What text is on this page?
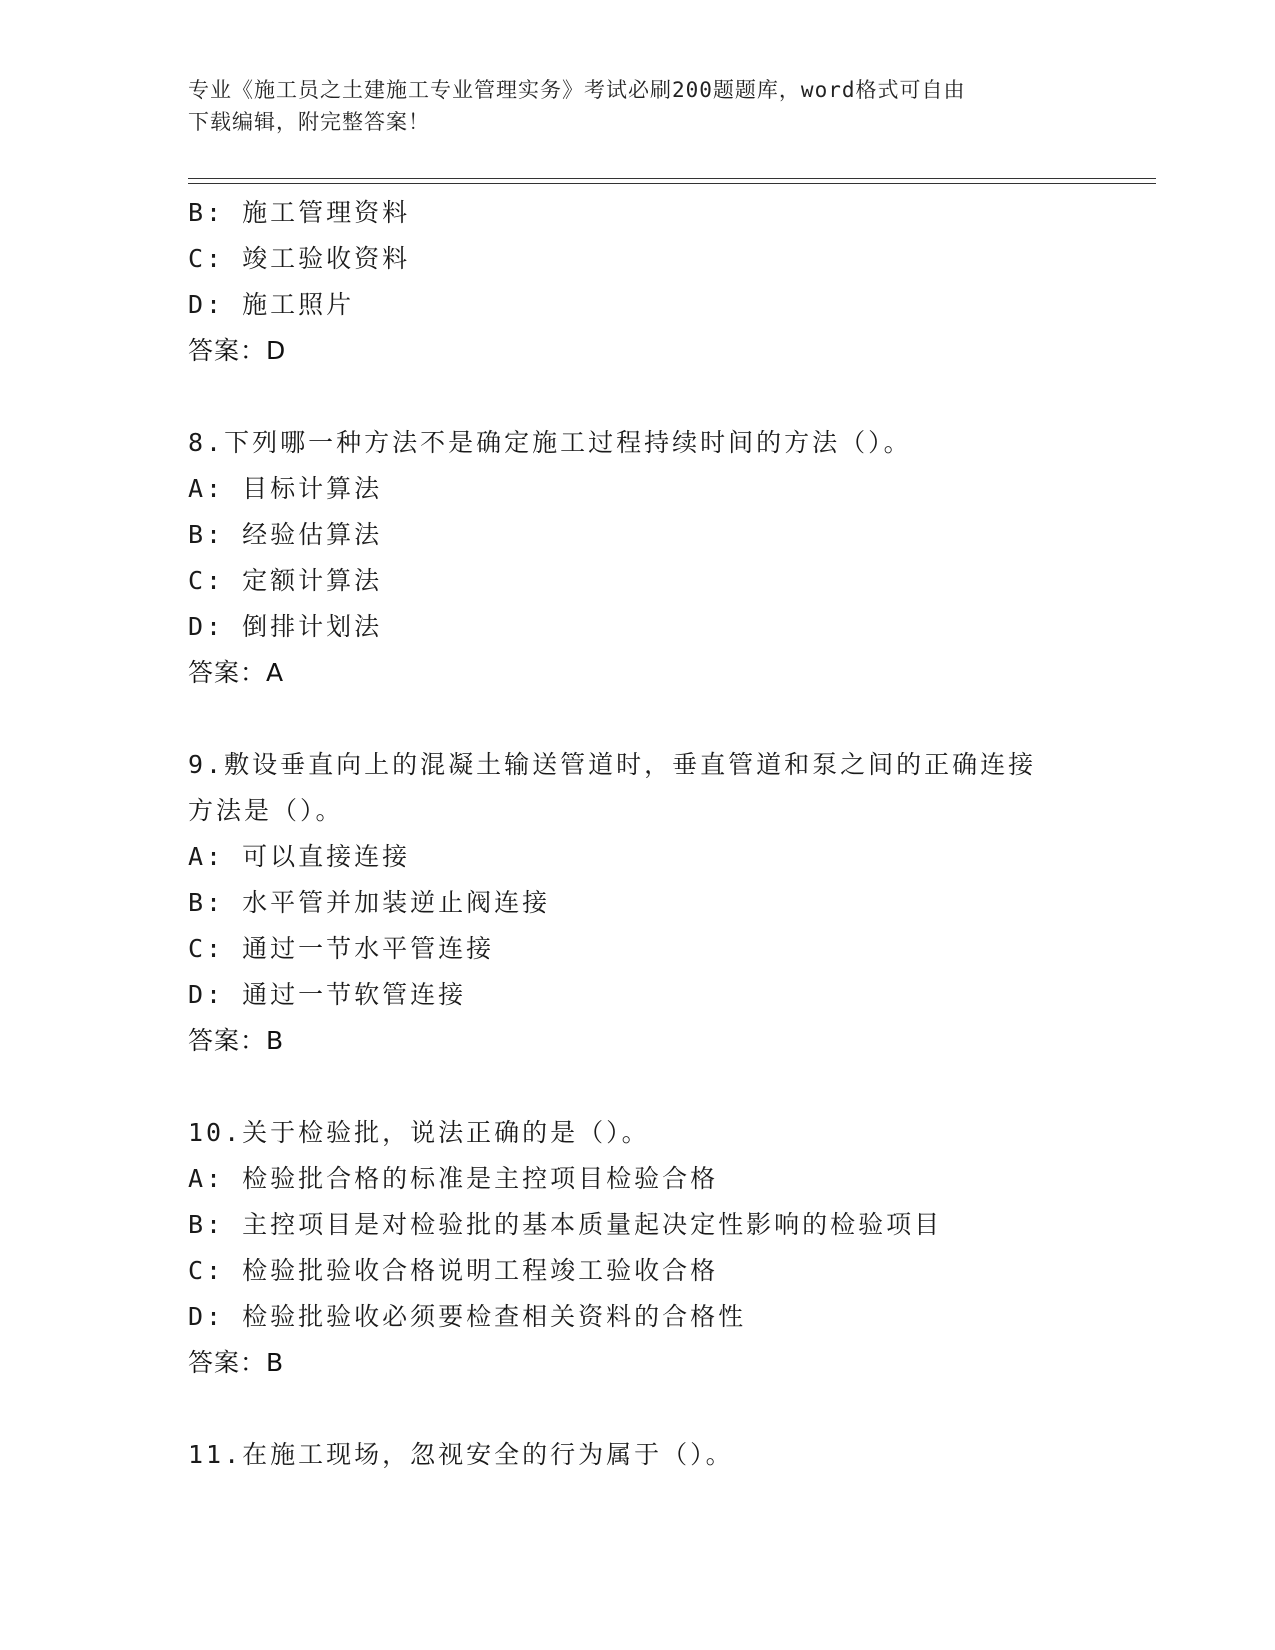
专业《施工员之土建施工专业管理实务》考试必刷200题题库，word格式可自由
下载编辑，附完整答案！
B: 施工管理资料
C: 竣工验收资料
D: 施工照片
答案：D
8.下列哪一种方法不是确定施工过程持续时间的方法（）。
A: 目标计算法
B: 经验估算法
C: 定额计算法
D: 倒排计划法
答案：A
9.敷设垂直向上的混凝土输送管道时，垂直管道和泵之间的正确连接
方法是（）。
A: 可以直接连接
B: 水平管并加装逆止阀连接
C: 通过一节水平管连接
D: 通过一节软管连接
答案：B
10.关于检验批，说法正确的是（）。
A: 检验批合格的标准是主控项目检验合格
B: 主控项目是对检验批的基本质量起决定性影响的检验项目
C: 检验批验收合格说明工程竣工验收合格
D: 检验批验收必须要检查相关资料的合格性
答案：B
11.在施工现场，忽视安全的行为属于（）。
